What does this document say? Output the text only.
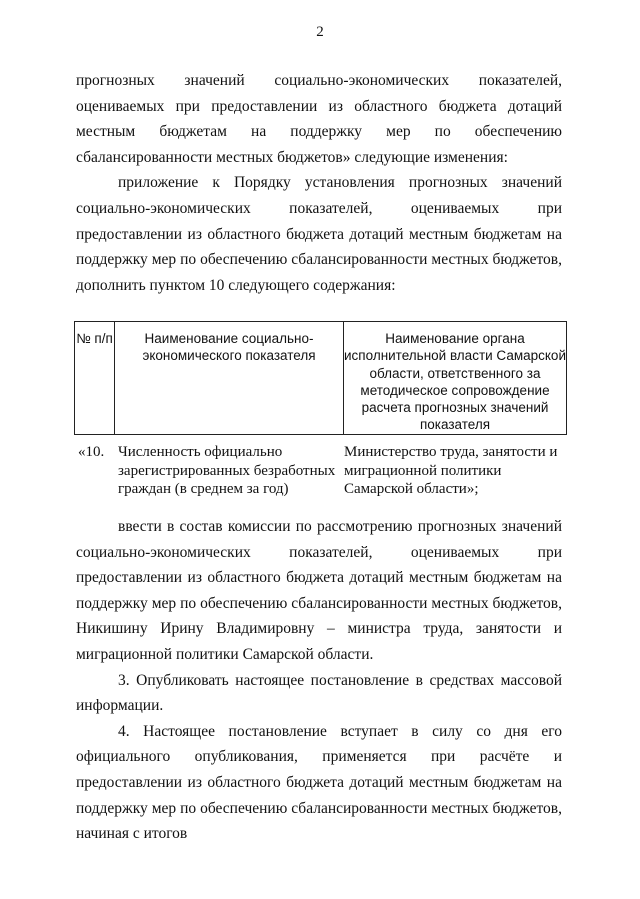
2

прогнозных значений социально-экономических показателей, оцениваемых при предоставлении из областного бюджета дотаций местным бюджетам на поддержку мер по обеспечению сбалансированности местных бюджетов» следующие изменения:

приложение к Порядку установления прогнозных значений социально-экономических показателей, оцениваемых при предоставлении из областного бюджета дотаций местным бюджетам на поддержку мер по обеспечению сбалансированности местных бюджетов, дополнить пунктом 10 следующего содержания:

№ п/п	Наименование социально-экономического показателя
Наименование органа исполнительной власти Самарской области, ответственного за методическое сопровождение расчета прогнозных значений показателя
«10. Численность официально зарегистрированных безработных граждан (в среднем за год)
Министерство труда, занятости и миграционной политики Самарской области»;

ввести в состав комиссии по рассмотрению прогнозных значений социально-экономических показателей, оцениваемых при предоставлении из областного бюджета дотаций местным бюджетам на поддержку мер по обеспечению сбалансированности местных бюджетов, Никишину Ирину Владимировну – министра труда, занятости и миграционной политики Самарской области.

3. Опубликовать настоящее постановление в средствах массовой информации.

4. Настоящее постановление вступает в силу со дня его официального опубликования, применяется при расчёте и предоставлении из областного бюджета дотаций местным бюджетам на поддержку мер по обеспечению сбалансированности местных бюджетов, начиная с итогов
